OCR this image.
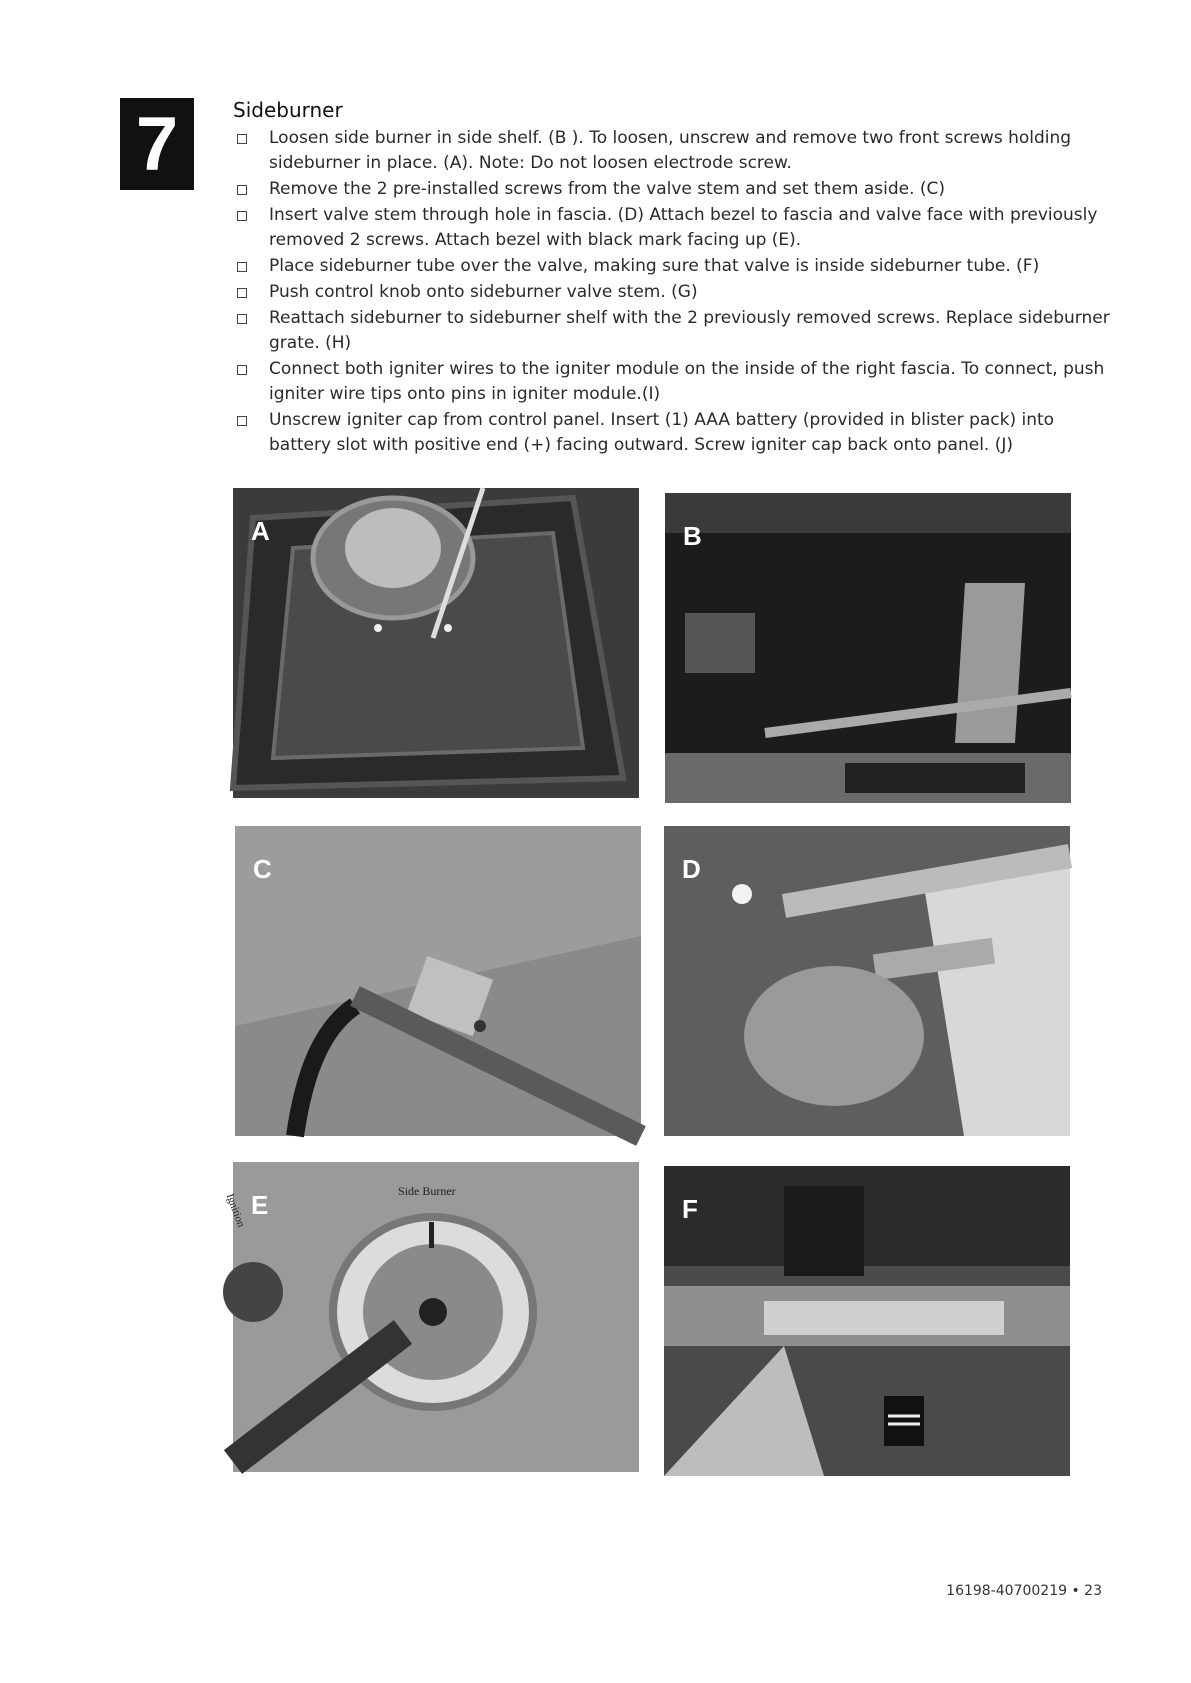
7	Sideburner
Loosen side burner in side shelf. (B ). To loosen, unscrew and remove two front screws holding sideburner in place. (A). Note: Do not loosen electrode screw.
Remove the 2 pre-installed screws from the valve stem and set them aside. (C)
Insert valve stem through hole in fascia. (D) Attach bezel to fascia and valve face with previously removed 2 screws. Attach bezel with black mark facing up (E).
Place sideburner tube over the valve, making sure that valve is inside sideburner tube. (F)
Push control knob onto sideburner valve stem. (G)
Reattach sideburner to sideburner shelf with the 2 previously removed screws. Replace sideburner grate. (H)
Connect both igniter wires to the igniter module on the inside of the right fascia. To connect, push igniter wire tips onto pins in igniter module.(I)
Unscrew igniter cap from control panel. Insert (1) AAA battery (provided in blister pack) into battery slot with positive end (+) facing outward. Screw igniter cap back onto panel. (J)
A	B
C	D
E	Side Burner
Ignition	F
16198-40700219 • 23
